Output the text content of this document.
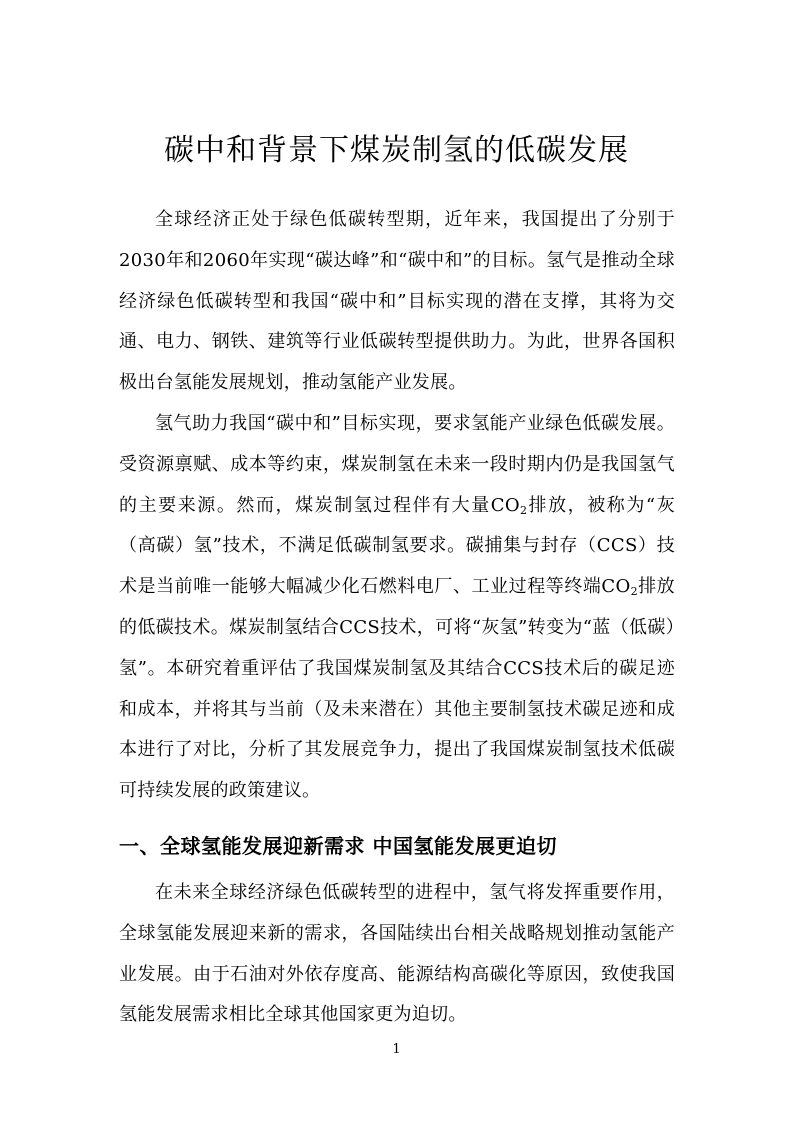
碳中和背景下煤炭制氢的低碳发展

全球经济正处于绿色低碳转型期，近年来，我国提出了分别于2030年和2060年实现“碳达峰”和“碳中和”的目标。氢气是推动全球经济绿色低碳转型和我国“碳中和”目标实现的潜在支撑，其将为交通、电力、钢铁、建筑等行业低碳转型提供助力。为此，世界各国积极出台氢能发展规划，推动氢能产业发展。

氢气助力我国“碳中和”目标实现，要求氢能产业绿色低碳发展。受资源禀赋、成本等约束，煤炭制氢在未来一段时期内仍是我国氢气的主要来源。然而，煤炭制氢过程伴有大量$CO_2$排放，被称为“灰（高碳）氢”技术，不满足低碳制氢要求。碳捕集与封存（CCS）技术是当前唯一能够大幅减少化石燃料电厂、工业过程等终端$CO_2$排放的低碳技术。煤炭制氢结合CCS技术，可将“灰氢”转变为“蓝（低碳）氢”。本研究着重评估了我国煤炭制氢及其结合CCS技术后的碳足迹和成本，并将其与当前（及未来潜在）其他主要制氢技术碳足迹和成本进行了对比，分析了其发展竞争力，提出了我国煤炭制氢技术低碳可持续发展的政策建议。

一、全球氢能发展迎新需求 中国氢能发展更迫切

在未来全球经济绿色低碳转型的进程中，氢气将发挥重要作用，全球氢能发展迎来新的需求，各国陆续出台相关战略规划推动氢能产业发展。由于石油对外依存度高、能源结构高碳化等原因，致使我国氢能发展需求相比全球其他国家更为迫切。

1
